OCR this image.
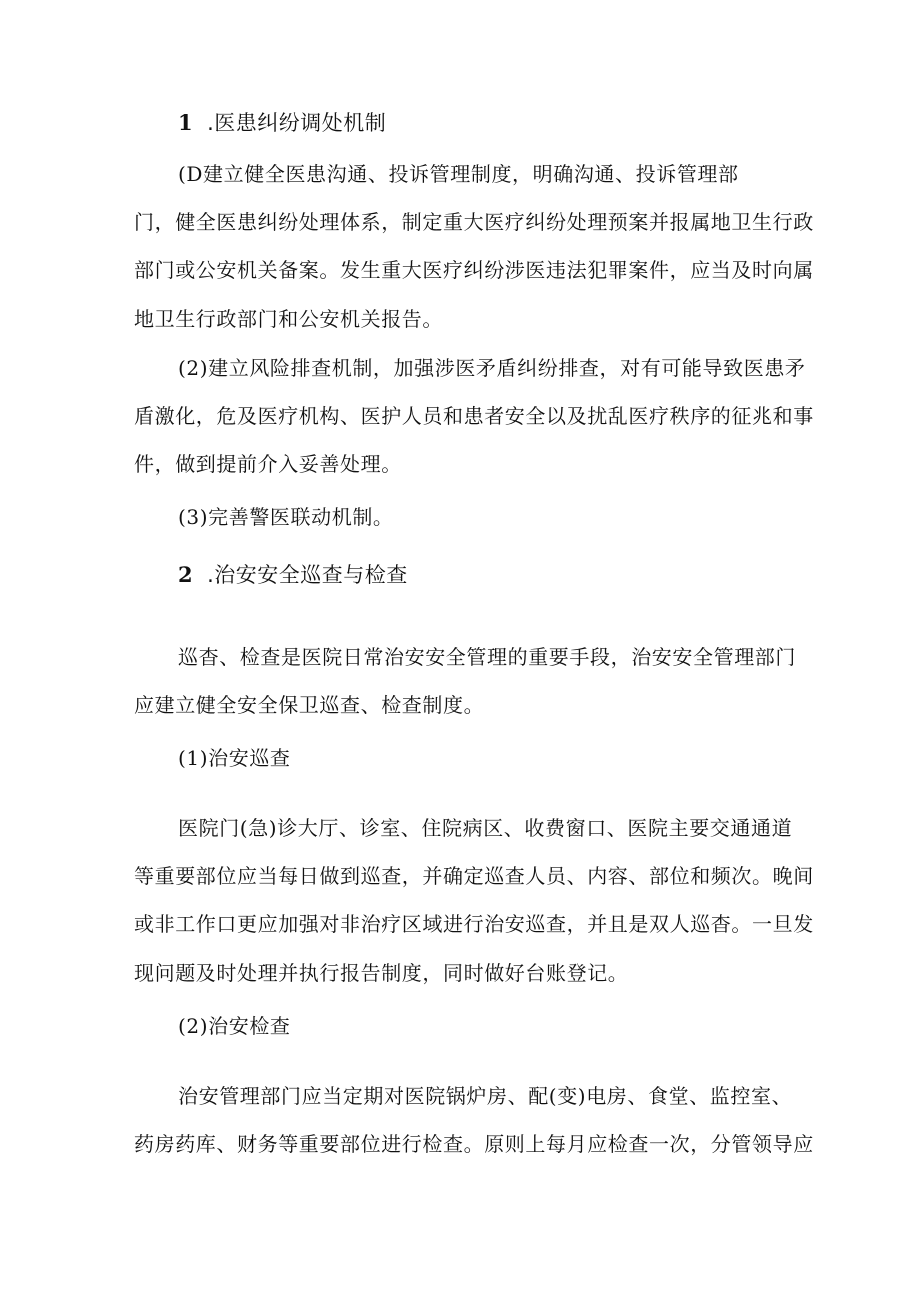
1 .医患纠纷调处机制
(D建立健全医患沟通、投诉管理制度，明确沟通、投诉管理部
门，健全医患纠纷处理体系，制定重大医疗纠纷处理预案并报属地卫生行政
部门或公安机关备案。发生重大医疗纠纷涉医违法犯罪案件，应当及时向属
地卫生行政部门和公安机关报告。
(2)建立风险排查机制，加强涉医矛盾纠纷排查，对有可能导致医患矛
盾激化，危及医疗机构、医护人员和患者安全以及扰乱医疗秩序的征兆和事
件，做到提前介入妥善处理。
(3)完善警医联动机制。
2 .治安安全巡查与检查
巡杳、检查是医院日常治安安全管理的重要手段，治安安全管理部门
应建立健全安全保卫巡查、检查制度。
(1)治安巡查
医院门(急)诊大厅、诊室、住院病区、收费窗口、医院主要交通通道
等重要部位应当每日做到巡查，并确定巡查人员、内容、部位和频次。晚间
或非工作口更应加强对非治疗区域进行治安巡查，并且是双人巡杳。一旦发
现问题及时处理并执行报告制度，同时做好台账登记。
(2)治安检查
治安管理部门应当定期对医院锅炉房、配(变)电房、食堂、监控室、
药房药库、财务等重要部位进行检查。原则上每月应检查一次，分管领导应
